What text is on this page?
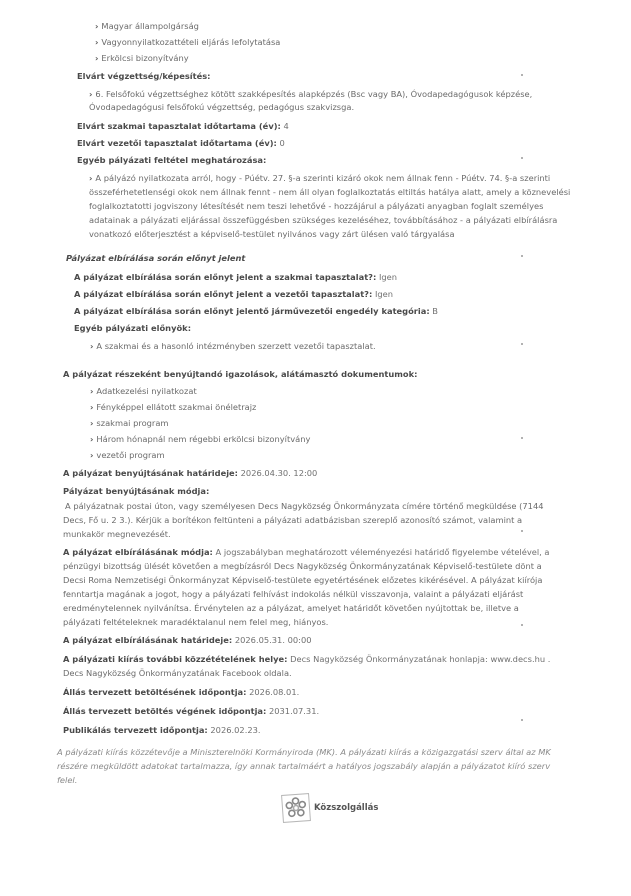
› Magyar állampolgárság
› Vagyonnyilatkozattételi eljárás lefolytatása
› Erkölcsi bizonyítvány
Elvárt végzettség/képesítés:
› 6. Felsőfokú végzettséghez kötött szakképesítés alapképzés (Bsc vagy BA), Óvodapedagógusok képzése,
Óvodapedagógusi felsőfokú végzettség, pedagógus szakvizsga.
Elvárt szakmai tapasztalat időtartama (év): 4
Elvárt vezetői tapasztalat időtartama (év): 0
Egyéb pályázati feltétel meghatározása:
› A pályázó nyilatkozata arról, hogy - Púétv. 27. §-a szerinti kizáró okok nem állnak fenn - Púétv. 74. §-a szerinti
összeférhetetlenségi okok nem állnak fennt - nem áll olyan foglalkoztatás eltiltás hatálya alatt, amely a köznevelési
foglalkoztatotti jogviszony létesítését nem teszi lehetővé - hozzájárul a pályázati anyagban foglalt személyes
adatainak a pályázati eljárással összefüggésben szükséges kezeléséhez, továbbításához - a pályázati elbírálásra
vonatkozó előterjesztést a képviselő-testület nyilvános vagy zárt ülésen való tárgyalása
Pályázat elbírálása során előnyt jelent
A pályázat elbírálása során előnyt jelent a szakmai tapasztalat?: Igen
A pályázat elbírálása során előnyt jelent a vezetői tapasztalat?: Igen
A pályázat elbírálása során előnyt jelentő járművezetői engedély kategória: B
Egyéb pályázati előnyök:
› A szakmai és a hasonló intézményben szerzett vezetői tapasztalat.
A pályázat részeként benyújtandó igazolások, alátámasztó dokumentumok:
› Adatkezelési nyilatkozat
› Fényképpel ellátott szakmai önéletrajz
› szakmai program
› Három hónapnál nem régebbi erkölcsi bizonyítvány
› vezetői program
A pályázat benyújtásának határideje: 2026.04.30. 12:00
Pályázat benyújtásának módja:
A pályázatnak postai úton, vagy személyesen Decs Nagyközség Önkormányzata címére történő megküldése (7144
Decs, Fő u. 2 3.). Kérjük a borítékon feltünteni a pályázati adatbázisban szereplő azonosító számot, valamint a
munkakör megnevezését.
A pályázat elbírálásának módja: A jogszabályban meghatározott véleményezési határidő figyelembe vételével, a
pénzügyi bizottság ülését követően a megbízásról Decs Nagyközség Önkormányzatának Képviselő-testülete dönt a
Decsi Roma Nemzetiségi Önkormányzat Képviselő-testülete egyetértésének előzetes kikérésével. A pályázat kiírója
fenntartja magának a jogot, hogy a pályázati felhívást indokolás nélkül visszavonja, valaint a pályázati eljárást
eredménytelennek nyilvánítsa. Érvénytelen az a pályázat, amelyet határidőt követően nyújtottak be, illetve a
pályázati feltételeknek maradéktalanul nem felel meg, hiányos.
A pályázat elbírálásának határideje: 2026.05.31. 00:00
A pályázati kiírás további közzétételének helye: Decs Nagyközség Önkormányzatának honlapja: www.decs.hu .
Decs Nagyközség Önkormányzatának Facebook oldala.
Állás tervezett betöltésének időpontja: 2026.08.01.
Állás tervezett betöltés végének időpontja: 2031.07.31.
Publikálás tervezett időpontja: 2026.02.23.
A pályázati kiírás közzétevője a Miniszterelnöki Kormányiroda (MK). A pályázati kiírás a közigazgatási szerv által az MK
részére megküldött adatokat tartalmazza, így annak tartalmáért a hatályos jogszabály alapján a pályázatot kiíró szerv
felel.
Közszolgállás
